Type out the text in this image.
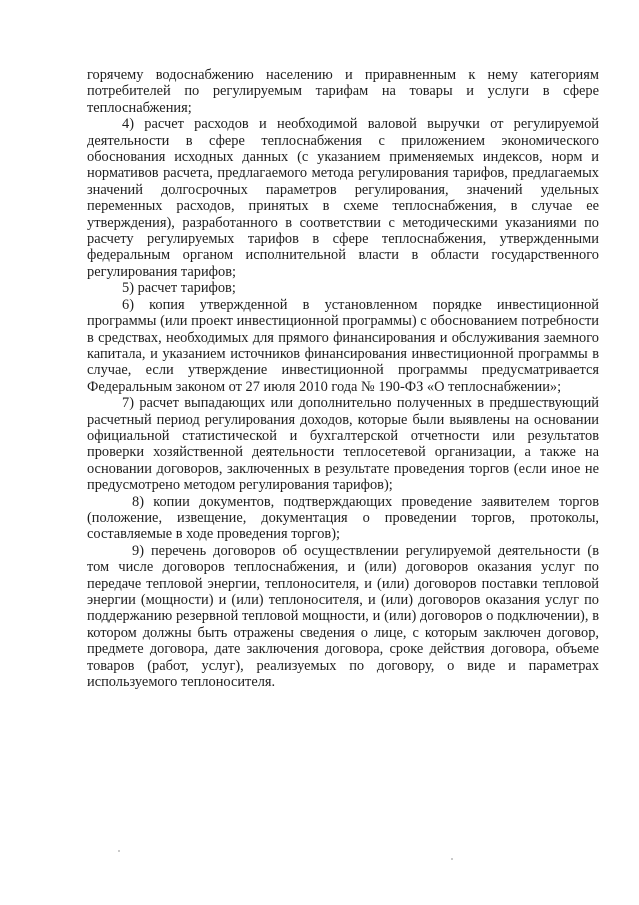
горячему водоснабжению населению и приравненным к нему категориям потребителей по регулируемым тарифам на товары и услуги в сфере теплоснабжения;

4) расчет расходов и необходимой валовой выручки от регулируемой деятельности в сфере теплоснабжения с приложением экономического обоснования исходных данных (с указанием применяемых индексов, норм и нормативов расчета, предлагаемого метода регулирования тарифов, предлагаемых значений долгосрочных параметров регулирования, значений удельных переменных расходов, принятых в схеме теплоснабжения, в случае ее утверждения), разработанного в соответствии с методическими указаниями по расчету регулируемых тарифов в сфере теплоснабжения, утвержденными федеральным органом исполнительной власти в области государственного регулирования тарифов;

5) расчет тарифов;

6) копия утвержденной в установленном порядке инвестиционной программы (или проект инвестиционной программы) с обоснованием потребности в средствах, необходимых для прямого финансирования и обслуживания заемного капитала, и указанием источников финансирования инвестиционной программы в случае, если утверждение инвестиционной программы предусматривается Федеральным законом от 27 июля 2010 года № 190-ФЗ «О теплоснабжении»;

7) расчет выпадающих или дополнительно полученных в предшествующий расчетный период регулирования доходов, которые были выявлены на основании официальной статистической и бухгалтерской отчетности или результатов проверки хозяйственной деятельности теплосетевой организации, а также на основании договоров, заключенных в результате проведения торгов (если иное не предусмотрено методом регулирования тарифов);

8) копии документов, подтверждающих проведение заявителем торгов (положение, извещение, документация о проведении торгов, протоколы, составляемые в ходе проведения торгов);

9) перечень договоров об осуществлении регулируемой деятельности (в том числе договоров теплоснабжения, и (или) договоров оказания услуг по передаче тепловой энергии, теплоносителя, и (или) договоров поставки тепловой энергии (мощности) и (или) теплоносителя, и (или) договоров оказания услуг по поддержанию резервной тепловой мощности, и (или) договоров о подключении), в котором должны быть отражены сведения о лице, с которым заключен договор, предмете договора, дате заключения договора, сроке действия договора, объеме товаров (работ, услуг), реализуемых по договору, о виде и параметрах используемого теплоносителя.
